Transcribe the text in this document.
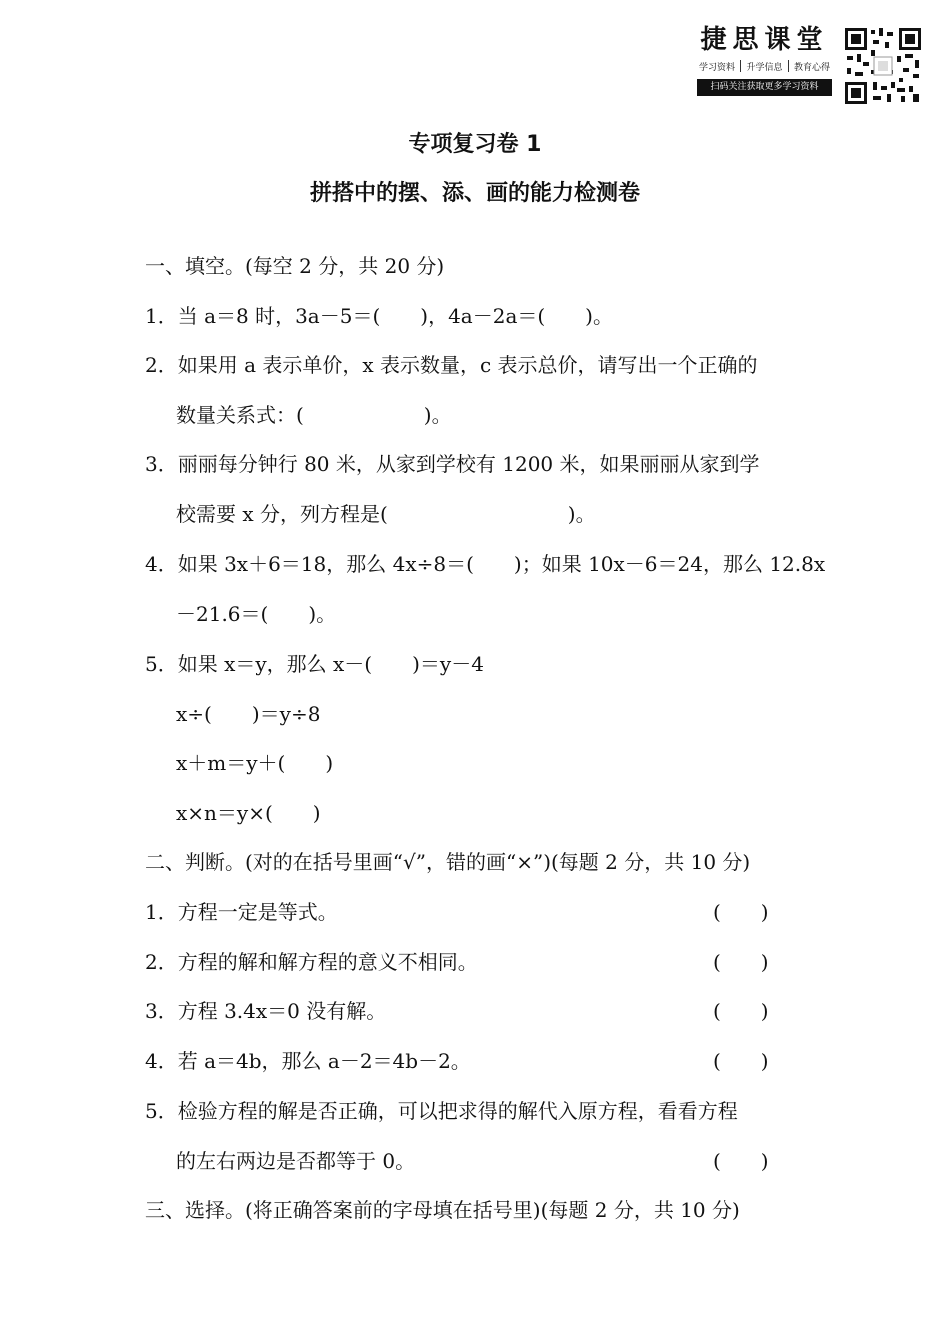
捷思课堂
学习资料 升学信息 教育心得
扫码关注获取更多学习资料
专项复习卷 1
拼搭中的摆、添、画的能力检测卷
一、填空。(每空 2 分，共 20 分)
1．当 a＝8 时，3a－5＝(　　)，4a－2a＝(　　)。
2．如果用 a 表示单价，x 表示数量，c 表示总价，请写出一个正确的
数量关系式：(　　　　　　)。
3．丽丽每分钟行 80 米，从家到学校有 1200 米，如果丽丽从家到学
校需要 x 分，列方程是(　　　　　　　　　)。
4．如果 3x＋6＝18，那么 4x÷8＝(　　)；如果 10x－6＝24，那么 12.8x
－21.6＝(　　)。
5．如果 x＝y，那么 x－(　　)＝y－4
x÷(　　)＝y÷8
x＋m＝y＋(　　)
x×n＝y×(　　)
二、判断。(对的在括号里画“√”，错的画“×”)(每题 2 分，共 10 分)
1．方程一定是等式。	(　　)
2．方程的解和解方程的意义不相同。	(　　)
3．方程 3.4x＝0 没有解。	(　　)
4．若 a＝4b，那么 a－2＝4b－2。	(　　)
5．检验方程的解是否正确，可以把求得的解代入原方程，看看方程
的左右两边是否都等于 0。	(　　)
三、选择。(将正确答案前的字母填在括号里)(每题 2 分，共 10 分)
